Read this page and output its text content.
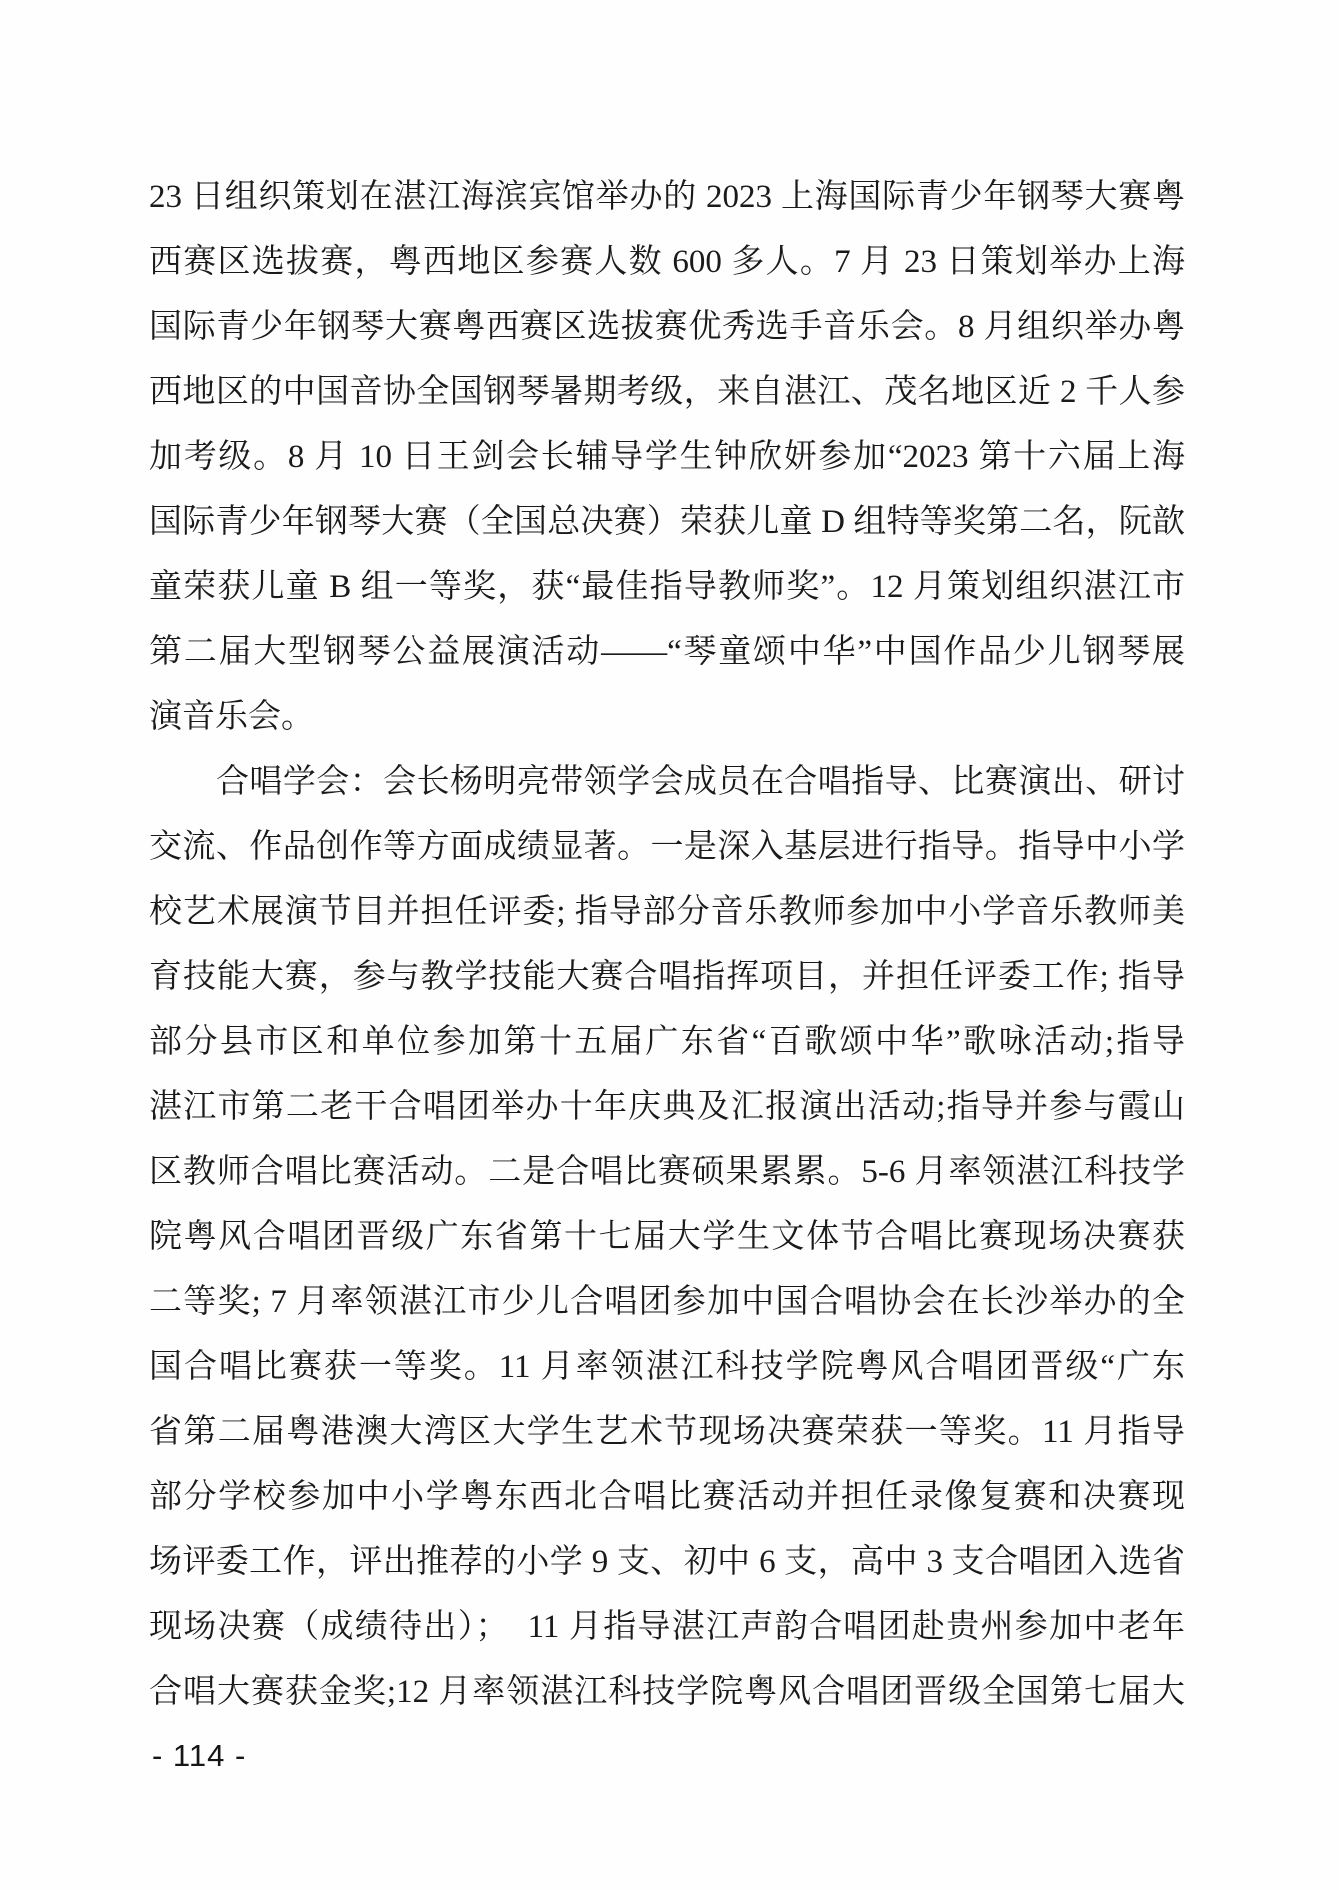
23 日组织策划在湛江海滨宾馆举办的 2023 上海国际青少年钢琴大赛粤
西赛区选拔赛，粤西地区参赛人数 600 多人。7 月 23 日策划举办上海
国际青少年钢琴大赛粤西赛区选拔赛优秀选手音乐会。8 月组织举办粤
西地区的中国音协全国钢琴暑期考级，来自湛江、茂名地区近 2 千人参
加考级。8 月 10 日王剑会长辅导学生钟欣妍参加“2023 第十六届上海
国际青少年钢琴大赛（全国总决赛）荣获儿童 D 组特等奖第二名，阮歆
童荣获儿童 B 组一等奖，获“最佳指导教师奖”。12 月策划组织湛江市
第二届大型钢琴公益展演活动——“琴童颂中华”中国作品少儿钢琴展
演音乐会。
合唱学会：会长杨明亮带领学会成员在合唱指导、比赛演出、研讨
交流、作品创作等方面成绩显著。一是深入基层进行指导。指导中小学
校艺术展演节目并担任评委; 指导部分音乐教师参加中小学音乐教师美
育技能大赛，参与教学技能大赛合唱指挥项目，并担任评委工作; 指导
部分县市区和单位参加第十五届广东省“百歌颂中华”歌咏活动;指导
湛江市第二老干合唱团举办十年庆典及汇报演出活动;指导并参与霞山
区教师合唱比赛活动。二是合唱比赛硕果累累。5-6 月率领湛江科技学
院粤风合唱团晋级广东省第十七届大学生文体节合唱比赛现场决赛获
二等奖; 7 月率领湛江市少儿合唱团参加中国合唱协会在长沙举办的全
国合唱比赛获一等奖。11 月率领湛江科技学院粤风合唱团晋级“广东
省第二届粤港澳大湾区大学生艺术节现场决赛荣获一等奖。11 月指导
部分学校参加中小学粤东西北合唱比赛活动并担任录像复赛和决赛现
场评委工作，评出推荐的小学 9 支、初中 6 支，高中 3 支合唱团入选省
现场决赛（成绩待出）；　11 月指导湛江声韵合唱团赴贵州参加中老年
合唱大赛获金奖;12 月率领湛江科技学院粤风合唱团晋级全国第七届大
- 114 -
